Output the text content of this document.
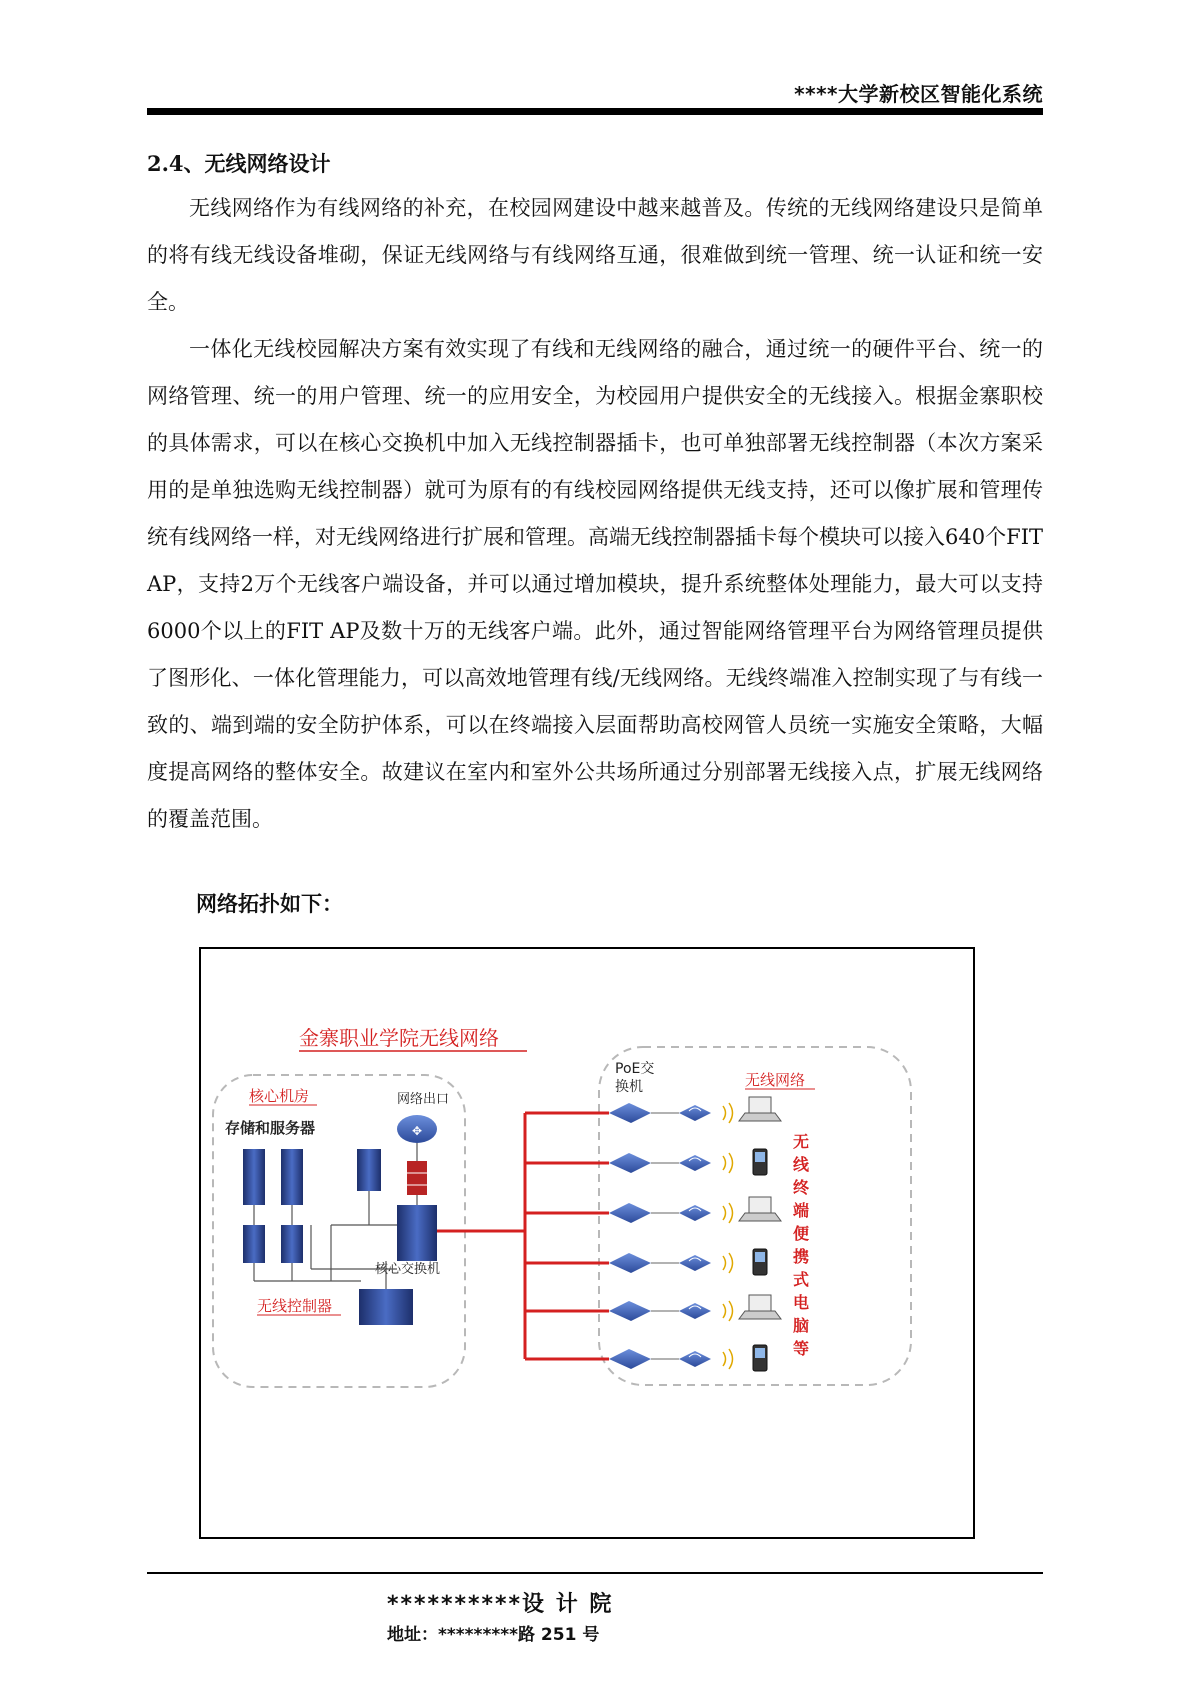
****大学新校区智能化系统
2.4、无线网络设计

无线网络作为有线网络的补充，在校园网建设中越来越普及。传统的无线网络建设只是简单的将有线无线设备堆砌，保证无线网络与有线网络互通，很难做到统一管理、统一认证和统一安全。

一体化无线校园解决方案有效实现了有线和无线网络的融合，通过统一的硬件平台、统一的网络管理、统一的用户管理、统一的应用安全，为校园用户提供安全的无线接入。根据金寨职校的具体需求，可以在核心交换机中加入无线控制器插卡，也可单独部署无线控制器（本次方案采用的是单独选购无线控制器）就可为原有的有线校园网络提供无线支持，还可以像扩展和管理传统有线网络一样，对无线网络进行扩展和管理。高端无线控制器插卡每个模块可以接入640个FIT AP，支持2万个无线客户端设备，并可以通过增加模块，提升系统整体处理能力，最大可以支持6000个以上的FIT AP及数十万的无线客户端。此外，通过智能网络管理平台为网络管理员提供了图形化、一体化管理能力，可以高效地管理有线/无线网络。无线终端准入控制实现了与有线一致的、端到端的安全防护体系，可以在终端接入层面帮助高校网管人员统一实施安全策略，大幅度提高网络的整体安全。故建议在室内和室外公共场所通过分别部署无线接入点，扩展无线网络的覆盖范围。

网络拓扑如下：
金寨职业学院无线网络
核心机房
存储和服务器
网络出口
✥
核心交换机
无线控制器
PoE交
换机	无线网络
无
线
终
端
便
携
式
电
脑
等
**********设 计 院
地址：*********路 251 号
